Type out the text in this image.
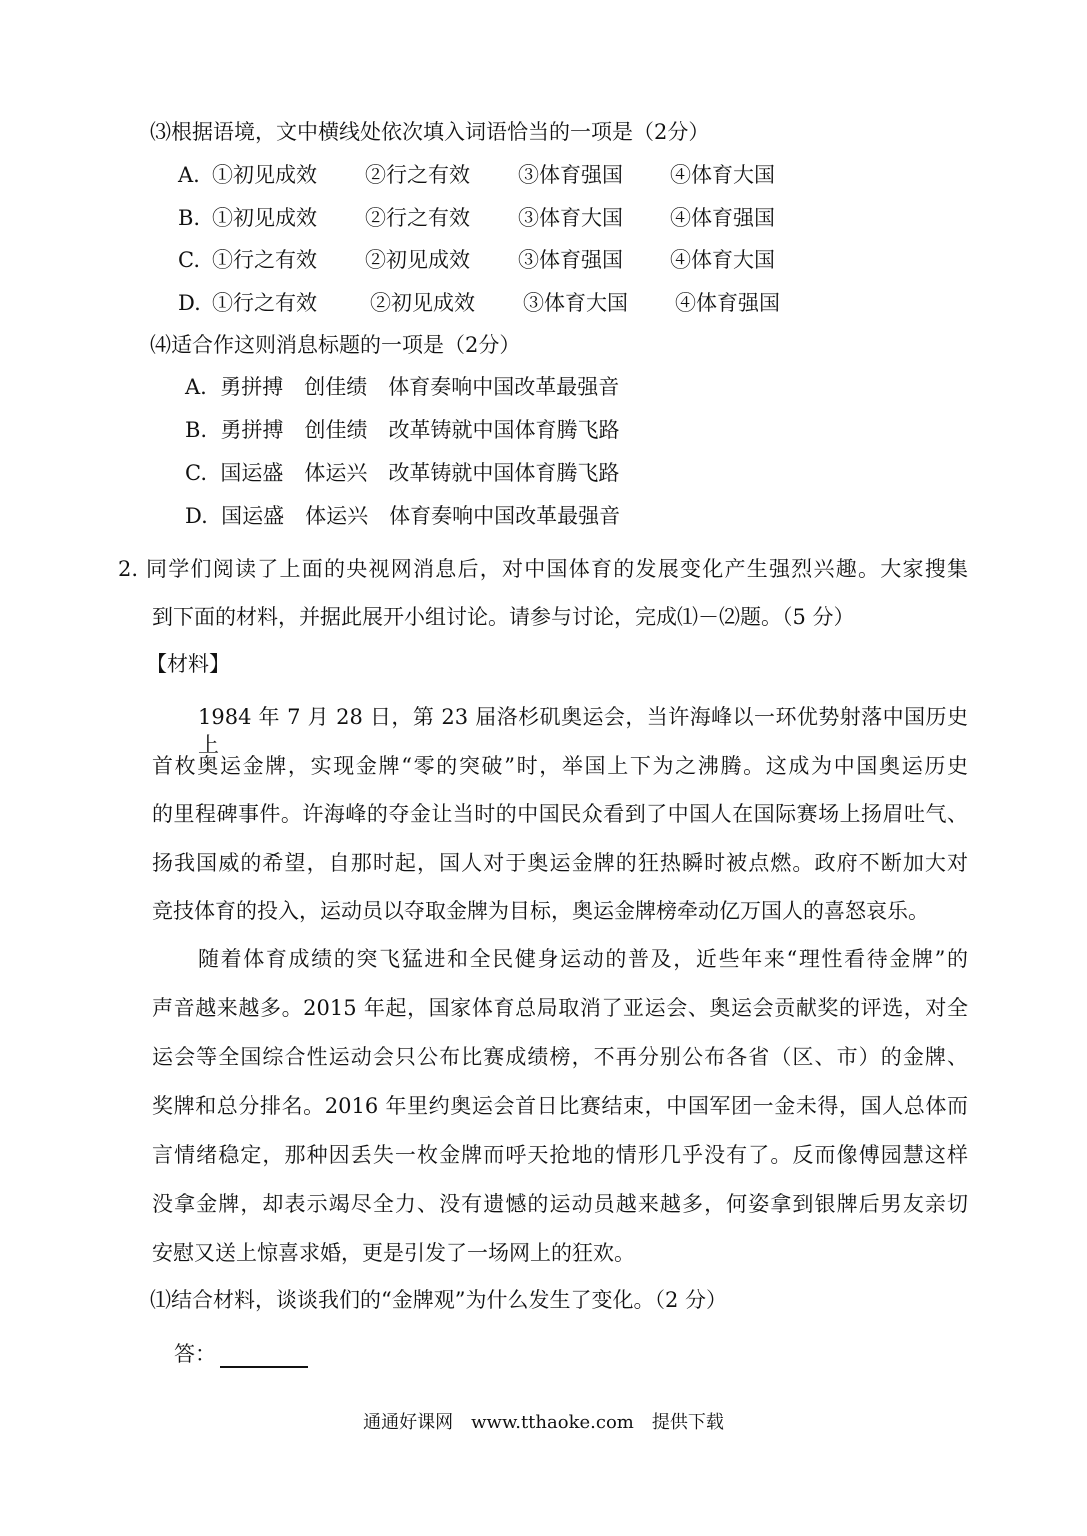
⑶根据语境，文中横线处依次填入词语恰当的一项是（2分）
A. ①初见成效 ②行之有效 ③体育强国 ④体育大国
B. ①初见成效 ②行之有效 ③体育大国 ④体育强国
C. ①行之有效 ②初见成效 ③体育强国 ④体育大国
D. ①行之有效	②初见成效 ③体育大国 ④体育强国
⑷适合作这则消息标题的一项是（2分）
A. 勇拼搏　创佳绩　体育奏响中国改革最强音
B. 勇拼搏　创佳绩　改革铸就中国体育腾飞路
C. 国运盛　体运兴　改革铸就中国体育腾飞路
D. 国运盛　体运兴　体育奏响中国改革最强音
2. 同学们阅读了上面的央视网消息后，对中国体育的发展变化产生强烈兴趣。大家搜集
到下面的材料，并据此展开小组讨论。请参与讨论，完成⑴－⑵题。（5 分）
【材料】
1984 年 7 月 28 日，第 23 届洛杉矶奥运会，当许海峰以一环优势射落中国历史上
首枚奥运金牌，实现金牌“零的突破”时，举国上下为之沸腾。这成为中国奥运历史
的里程碑事件。许海峰的夺金让当时的中国民众看到了中国人在国际赛场上扬眉吐气、
扬我国威的希望，自那时起，国人对于奥运金牌的狂热瞬时被点燃。政府不断加大对
竞技体育的投入，运动员以夺取金牌为目标，奥运金牌榜牵动亿万国人的喜怒哀乐。
随着体育成绩的突飞猛进和全民健身运动的普及，近些年来“理性看待金牌”的
声音越来越多。2015 年起，国家体育总局取消了亚运会、奥运会贡献奖的评选，对全
运会等全国综合性运动会只公布比赛成绩榜，不再分别公布各省（区、市）的金牌、
奖牌和总分排名。2016 年里约奥运会首日比赛结束，中国军团一金未得，国人总体而
言情绪稳定，那种因丢失一枚金牌而呼天抢地的情形几乎没有了。反而像傅园慧这样
没拿金牌，却表示竭尽全力、没有遗憾的运动员越来越多，何姿拿到银牌后男友亲切
安慰又送上惊喜求婚，更是引发了一场网上的狂欢。
⑴结合材料，谈谈我们的“金牌观”为什么发生了变化。（2 分）
答：
通通好课网　www.tthaoke.com　提供下载
